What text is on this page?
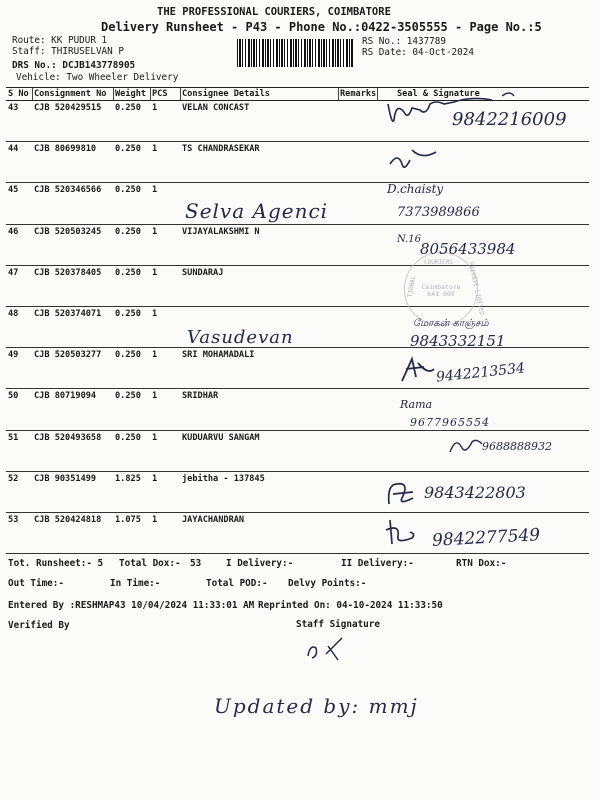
THE PROFESSIONAL COURIERS, COIMBATORE
Delivery Runsheet - P43 - Phone No.:0422-3505555 - Page No.:5
Route: KK PUDUR 1
Staff: THIRUSELVAN P
DRS No.: DCJB143778905
Vehicle: Two Wheeler Delivery
RS No.: 1437789
RS Date: 04-Oct-2024
S No	Consignment No	Weight	PCS	Consignee Details	Remarks	Seal & Signature
43	CJB 520429515	0.250	1	VELAN CONCAST		
44	CJB 80699810	0.250	1	TS CHANDRASEKAR		
45	CJB 520346566	0.250	1			
46	CJB 520503245	0.250	1	VIJAYALAKSHMI N		
47	CJB 520378405	0.250	1	SUNDARAJ		
48	CJB 520374071	0.250	1			
49	CJB 520503277	0.250	1	SRI MOHAMADALI		
50	CJB 80719094	0.250	1	SRIDHAR		
51	CJB 520493658	0.250	1	KUDUARVU SANGAM		
52	CJB 90351499	1.825	1	jebitha - 137845		
53	CJB 520424818	1.075	1	JAYACHANDRAN		
COURIERS
TIONAL	PRIVATE LIMITED
Coimbatore 641 005
9842216009
Selva Agenci
D.chaisty
7373989866
N.16
8056433984
Vasudevan
மோகன் காஞ்சம்
9843332151
9442213534
Rama
9677965554
9688888932
9843422803
9842277549
Tot. Runsheet:- 5 Total Dox:- 53	I Delivery:-	II Delivery:-	RTN Dox:-
Out Time:-	In Time:-	Total POD:- Delvy Points:-
Entered By :RESHMAP43 10/04/2024 11:33:01 AM Reprinted On: 04-10-2024 11:33:50
Verified By	Staff Signature
Updated by: mmj
